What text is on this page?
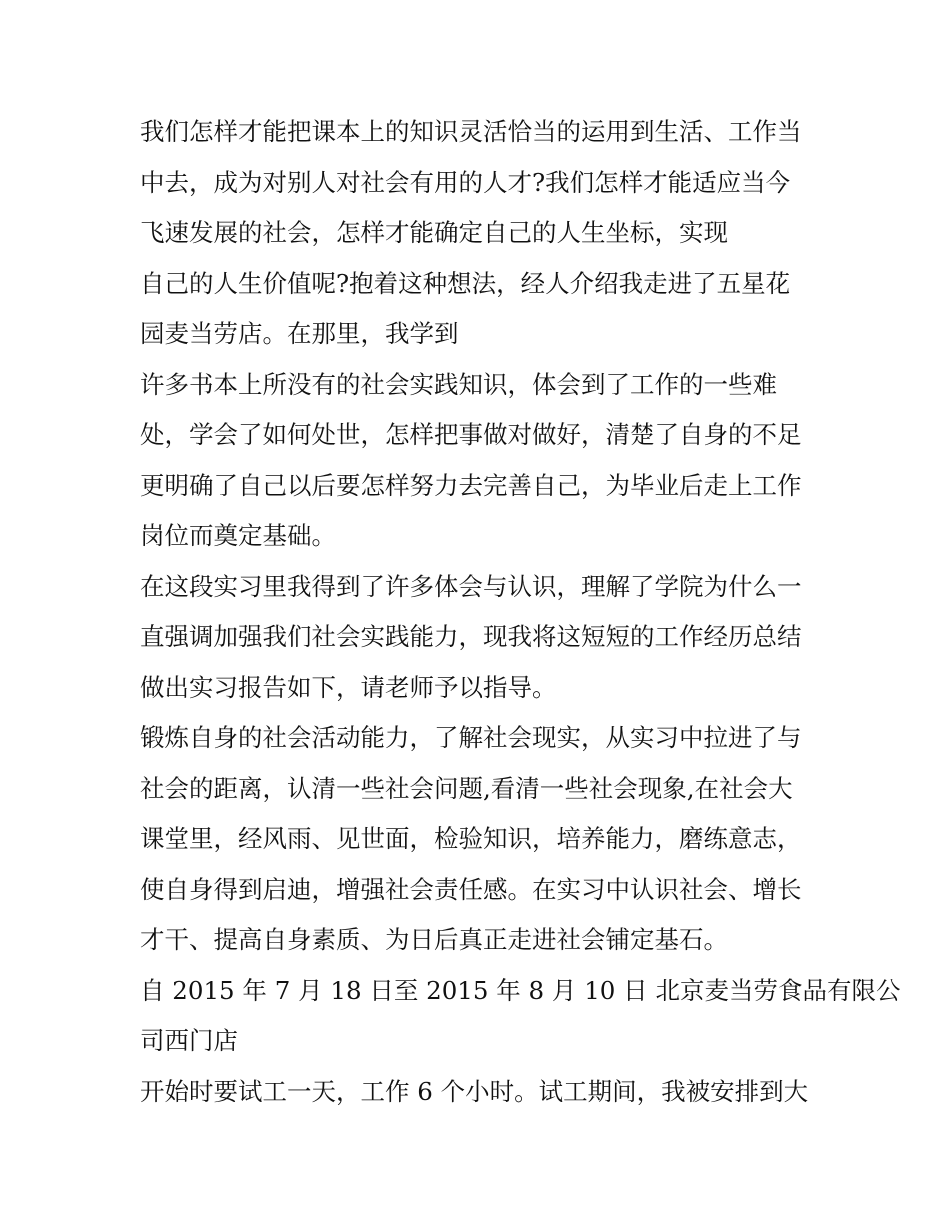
我们怎样才能把课本上的知识灵活恰当的运用到生活、工作当
中去，成为对别人对社会有用的人才?我们怎样才能适应当今
飞速发展的社会，怎样才能确定自己的人生坐标，实现
自己的人生价值呢?抱着这种想法，经人介绍我走进了五星花
园麦当劳店。在那里，我学到
许多书本上所没有的社会实践知识，体会到了工作的一些难
处，学会了如何处世，怎样把事做对做好，清楚了自身的不足
更明确了自己以后要怎样努力去完善自己，为毕业后走上工作
岗位而奠定基础。
在这段实习里我得到了许多体会与认识，理解了学院为什么一
直强调加强我们社会实践能力，现我将这短短的工作经历总结
做出实习报告如下，请老师予以指导。
锻炼自身的社会活动能力，了解社会现实，从实习中拉进了与
社会的距离，认清一些社会问题,看清一些社会现象,在社会大
课堂里，经风雨、见世面，检验知识，培养能力，磨练意志，
使自身得到启迪，增强社会责任感。在实习中认识社会、增长
才干、提高自身素质、为日后真正走进社会铺定基石。
自 2015 年 7 月 18 日至 2015 年 8 月 10 日 北京麦当劳食品有限公
司西门店
开始时要试工一天，工作 6 个小时。试工期间，我被安排到大
